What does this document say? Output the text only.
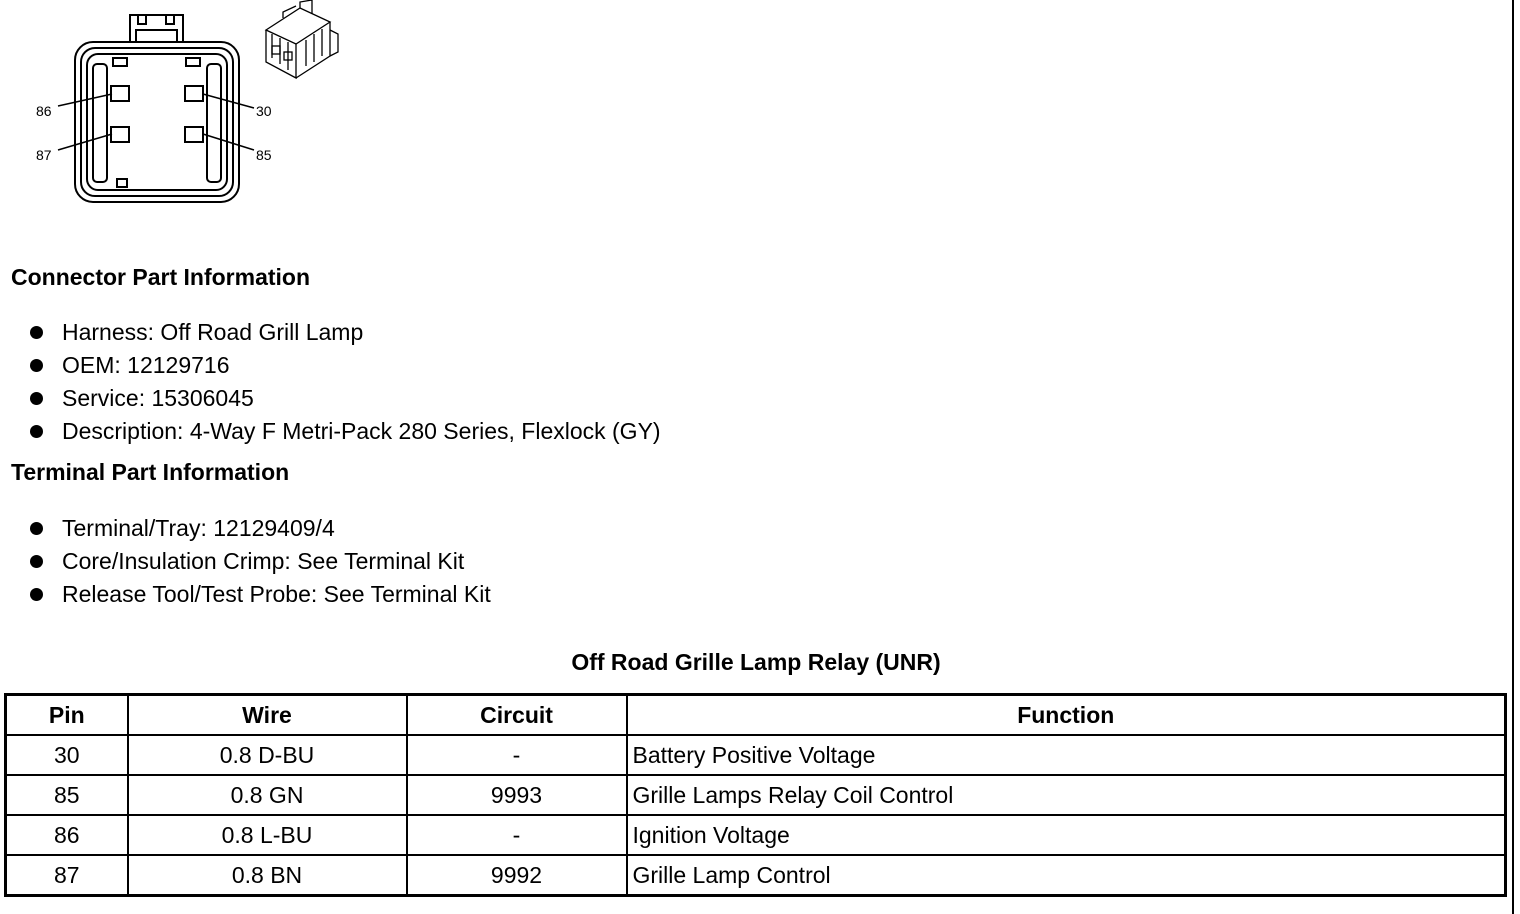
86
87
30
85
Connector Part Information
Harness: Off Road Grill Lamp
OEM: 12129716
Service: 15306045
Description: 4-Way F Metri-Pack 280 Series, Flexlock (GY)
Terminal Part Information
Terminal/Tray: 12129409/4
Core/Insulation Crimp: See Terminal Kit
Release Tool/Test Probe: See Terminal Kit
Off Road Grille Lamp Relay (UNR)
Pin	Wire	Circuit	Function
30	0.8 D-BU	-	Battery Positive Voltage
85	0.8 GN	9993	Grille Lamps Relay Coil Control
86	0.8 L-BU	-	Ignition Voltage
87	0.8 BN	9992	Grille Lamp Control
